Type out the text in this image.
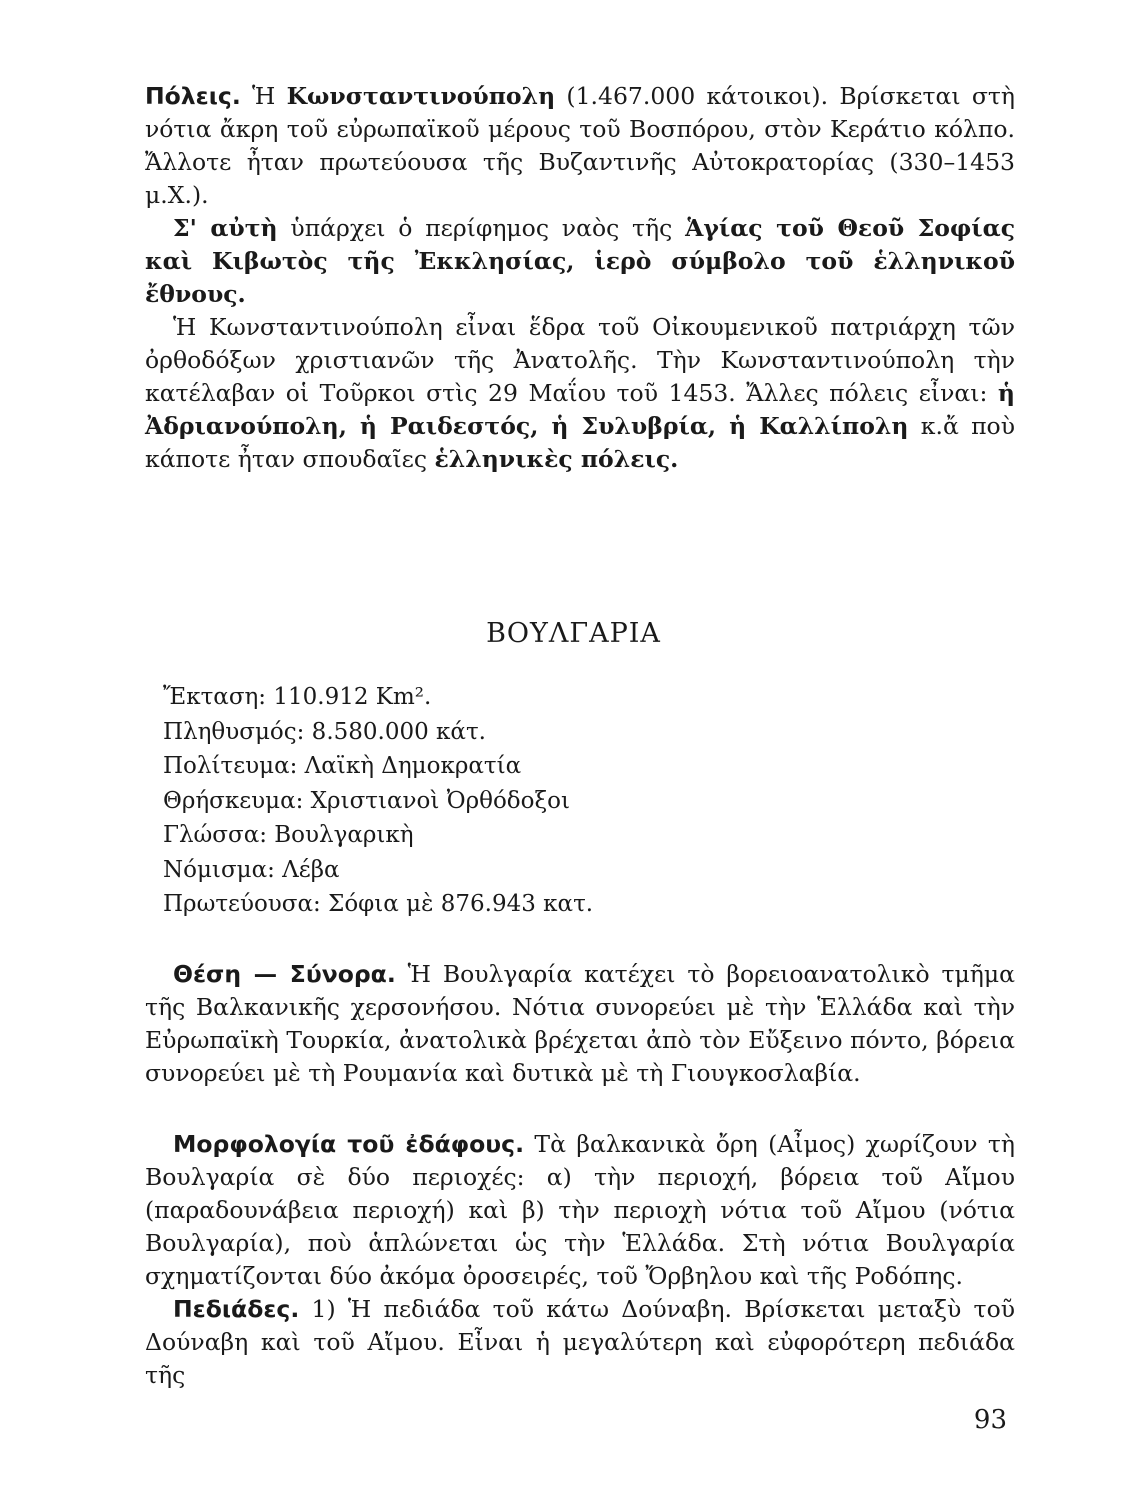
Πόλεις. Ἡ Κωνσταντινούπολη (1.467.000 κάτοικοι). Βρίσκεται στὴ νότια ἄκρη τοῦ εὐρωπαϊκοῦ μέρους τοῦ Βοσπόρου, στὸν Κεράτιο κόλπο. Ἄλλοτε ἦταν πρωτεύουσα τῆς Βυζαντινῆς Αὐτοκρατορίας (330–1453 μ.Χ.).

Σ' αὐτὴ ὑπάρχει ὁ περίφημος ναὸς τῆς Ἁγίας τοῦ Θεοῦ Σοφίας καὶ Κιβωτὸς τῆς Ἐκκλησίας, ἱερὸ σύμβολο τοῦ ἑλληνικοῦ ἔθνους.

Ἡ Κωνσταντινούπολη εἶναι ἕδρα τοῦ Οἰκουμενικοῦ πατριάρχη τῶν ὀρθοδόξων χριστιανῶν τῆς Ἀνατολῆς. Τὴν Κωνσταντινούπολη τὴν κατέλαβαν οἱ Τοῦρκοι στὶς 29 Μαΐου τοῦ 1453. Ἄλλες πόλεις εἶναι: ἡ Ἀδριανούπολη, ἡ Ραιδεστός, ἡ Συλυβρία, ἡ Καλλίπολη κ.ἄ ποὺ κάποτε ἦταν σπουδαῖες ἑλληνικὲς πόλεις.

ΒΟΥΛΓΑΡΙΑ
Ἔκταση: 110.912 Km².
Πληθυσμός: 8.580.000 κάτ.
Πολίτευμα: Λαϊκὴ Δημοκρατία
Θρήσκευμα: Χριστιανοὶ Ὀρθόδοξοι
Γλώσσα: Βουλγαρικὴ
Νόμισμα: Λέβα
Πρωτεύουσα: Σόφια μὲ 876.943 κατ.

Θέση — Σύνορα. Ἡ Βουλγαρία κατέχει τὸ βορειοανατολικὸ τμῆμα τῆς Βαλκανικῆς χερσονήσου. Νότια συνορεύει μὲ τὴν Ἑλλάδα καὶ τὴν Εὐρωπαϊκὴ Τουρκία, ἀνατολικὰ βρέχεται ἀπὸ τὸν Εὔξεινο πόντο, βόρεια συνορεύει μὲ τὴ Ρουμανία καὶ δυτικὰ μὲ τὴ Γιουγκοσλαβία.

Μορφολογία τοῦ ἐδάφους. Τὰ βαλκανικὰ ὄρη (Αἶμος) χωρίζουν τὴ Βουλγαρία σὲ δύο περιοχές: α) τὴν περιοχή, βόρεια τοῦ Αἴμου (παραδουνάβεια περιοχή) καὶ β) τὴν περιοχὴ νότια τοῦ Αἴμου (νότια Βουλγαρία), ποὺ ἁπλώνεται ὡς τὴν Ἑλλάδα. Στὴ νότια Βουλγαρία σχηματίζονται δύο ἀκόμα ὀροσειρές, τοῦ Ὄρβηλου καὶ τῆς Ροδόπης.

Πεδιάδες. 1) Ἡ πεδιάδα τοῦ κάτω Δούναβη. Βρίσκεται μεταξὺ τοῦ Δούναβη καὶ τοῦ Αἴμου. Εἶναι ἡ μεγαλύτερη καὶ εὐφορότερη πεδιάδα τῆς

93
